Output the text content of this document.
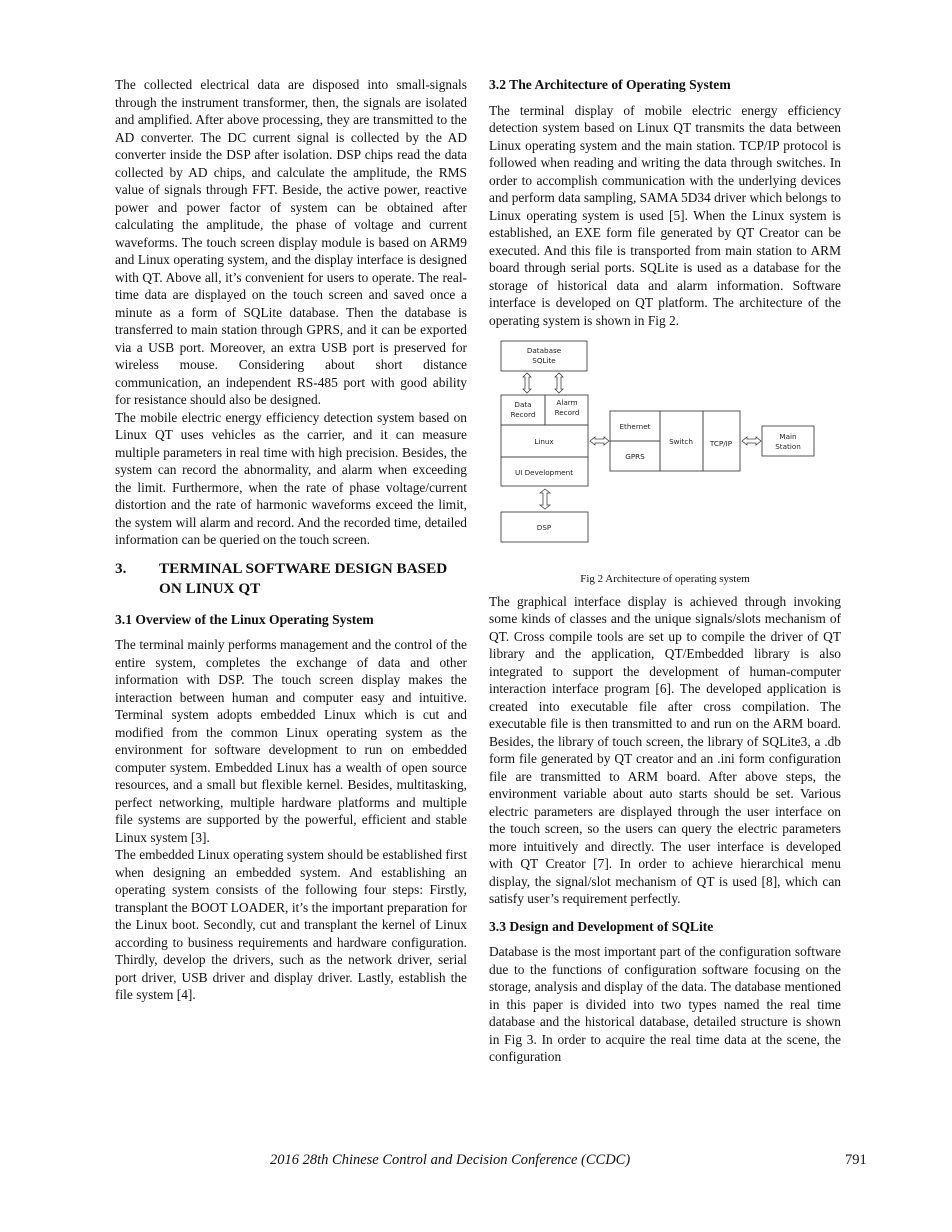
The collected electrical data are disposed into small-signals through the instrument transformer, then, the signals are isolated and amplified. After above processing, they are transmitted to the AD converter. The DC current signal is collected by the AD converter inside the DSP after isolation. DSP chips read the data collected by AD chips, and calculate the amplitude, the RMS value of signals through FFT. Beside, the active power, reactive power and power factor of system can be obtained after calculating the amplitude, the phase of voltage and current waveforms. The touch screen display module is based on ARM9 and Linux operating system, and the display interface is designed with QT. Above all, it’s convenient for users to operate. The real-time data are displayed on the touch screen and saved once a minute as a form of SQLite database. Then the database is transferred to main station through GPRS, and it can be exported via a USB port. Moreover, an extra USB port is preserved for wireless mouse. Considering about short distance communication, an independent RS-485 port with good ability for resistance should also be designed.

The mobile electric energy efficiency detection system based on Linux QT uses vehicles as the carrier, and it can measure multiple parameters in real time with high precision. Besides, the system can record the abnormality, and alarm when exceeding the limit. Furthermore, when the rate of phase voltage/current distortion and the rate of harmonic waveforms exceed the limit, the system will alarm and record. And the recorded time, detailed information can be queried on the touch screen.

3.	TERMINAL SOFTWARE DESIGN BASED ON LINUX QT
3.1 Overview of the Linux Operating System

The terminal mainly performs management and the control of the entire system, completes the exchange of data and other information with DSP. The touch screen display makes the interaction between human and computer easy and intuitive. Terminal system adopts embedded Linux which is cut and modified from the common Linux operating system as the environment for software development to run on embedded computer system. Embedded Linux has a wealth of open source resources, and a small but flexible kernel. Besides, multitasking, perfect networking, multiple hardware platforms and multiple file systems are supported by the powerful, efficient and stable Linux system [3].

The embedded Linux operating system should be established first when designing an embedded system. And establishing an operating system consists of the following four steps: Firstly, transplant the BOOT LOADER, it’s the important preparation for the Linux boot. Secondly, cut and transplant the kernel of Linux according to business requirements and hardware configuration. Thirdly, develop the drivers, such as the network driver, serial port driver, USB driver and display driver. Lastly, establish the file system [4].

3.2 The Architecture of Operating System

The terminal display of mobile electric energy efficiency detection system based on Linux QT transmits the data between Linux operating system and the main station. TCP/IP protocol is followed when reading and writing the data through switches. In order to accomplish communication with the underlying devices and perform data sampling, SAMA 5D34 driver which belongs to Linux operating system is used [5]. When the Linux system is established, an EXE form file generated by QT Creator can be executed. And this file is transported from main station to ARM board through serial ports. SQLite is used as a database for the storage of historical data and alarm information. Software interface is developed on QT platform. The architecture of the operating system is shown in Fig 2.

Database
SQLite
Data
Record
Alarm
Record
Linux
UI Development
DSP
Ethernet
GPRS
Switch TCP/IP
Main
Station
Fig 2 Architecture of operating system

The graphical interface display is achieved through invoking some kinds of classes and the unique signals/slots mechanism of QT. Cross compile tools are set up to compile the driver of QT library and the application, QT/Embedded library is also integrated to support the development of human-computer interaction interface program [6]. The developed application is created into executable file after cross compilation. The executable file is then transmitted to and run on the ARM board. Besides, the library of touch screen, the library of SQLite3, a .db form file generated by QT creator and an .ini form configuration file are transmitted to ARM board. After above steps, the environment variable about auto starts should be set. Various electric parameters are displayed through the user interface on the touch screen, so the users can query the electric parameters more intuitively and directly. The user interface is developed with QT Creator [7]. In order to achieve hierarchical menu display, the signal/slot mechanism of QT is used [8], which can satisfy user’s requirement perfectly.

3.3 Design and Development of SQLite

Database is the most important part of the configuration software due to the functions of configuration software focusing on the storage, analysis and display of the data. The database mentioned in this paper is divided into two types named the real time database and the historical database, detailed structure is shown in Fig 3. In order to acquire the real time data at the scene, the configuration

2016 28th Chinese Control and Decision Conference (CCDC)	791
